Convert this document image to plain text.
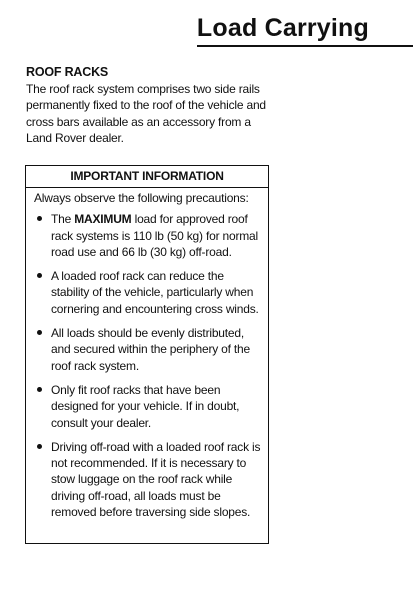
Load Carrying
ROOF RACKS

The roof rack system comprises two side rails permanently fixed to the roof of the vehicle and cross bars available as an accessory from a Land Rover dealer.

IMPORTANT INFORMATION
Always observe the following precautions:
The MAXIMUM load for approved roof rack systems is 110 lb (50 kg) for normal road use and 66 lb (30 kg) off-road.
A loaded roof rack can reduce the stability of the vehicle, particularly when cornering and encountering cross winds.
All loads should be evenly distributed, and secured within the periphery of the roof rack system.
Only fit roof racks that have been designed for your vehicle. If in doubt, consult your dealer.
Driving off-road with a loaded roof rack is not recommended. If it is necessary to stow luggage on the roof rack while driving off-road, all loads must be removed before traversing side slopes.
